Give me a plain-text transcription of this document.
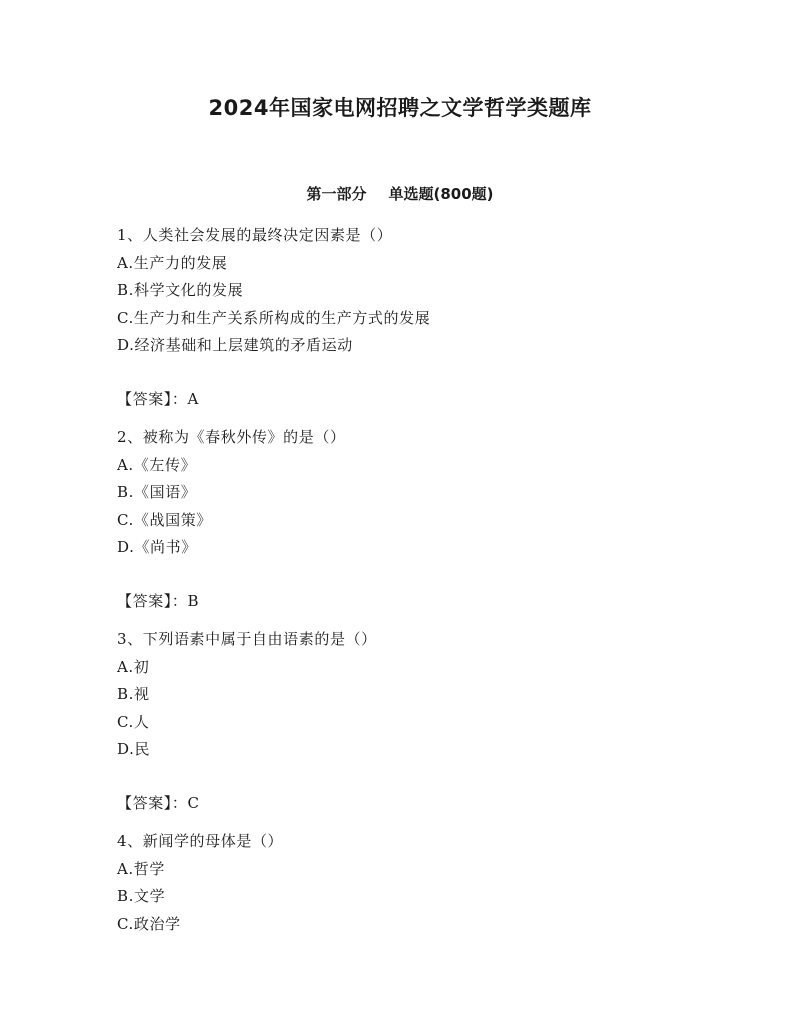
2024年国家电网招聘之文学哲学类题库
第一部分 单选题(800题)
1、人类社会发展的最终决定因素是（）
A.生产力的发展
B.科学文化的发展
C.生产力和生产关系所构成的生产方式的发展
D.经济基础和上层建筑的矛盾运动
【答案】：A
2、被称为《春秋外传》的是（）
A.《左传》
B.《国语》
C.《战国策》
D.《尚书》
【答案】：B
3、下列语素中属于自由语素的是（）
A.初
B.视
C.人
D.民
【答案】：C
4、新闻学的母体是（）
A.哲学
B.文学
C.政治学
